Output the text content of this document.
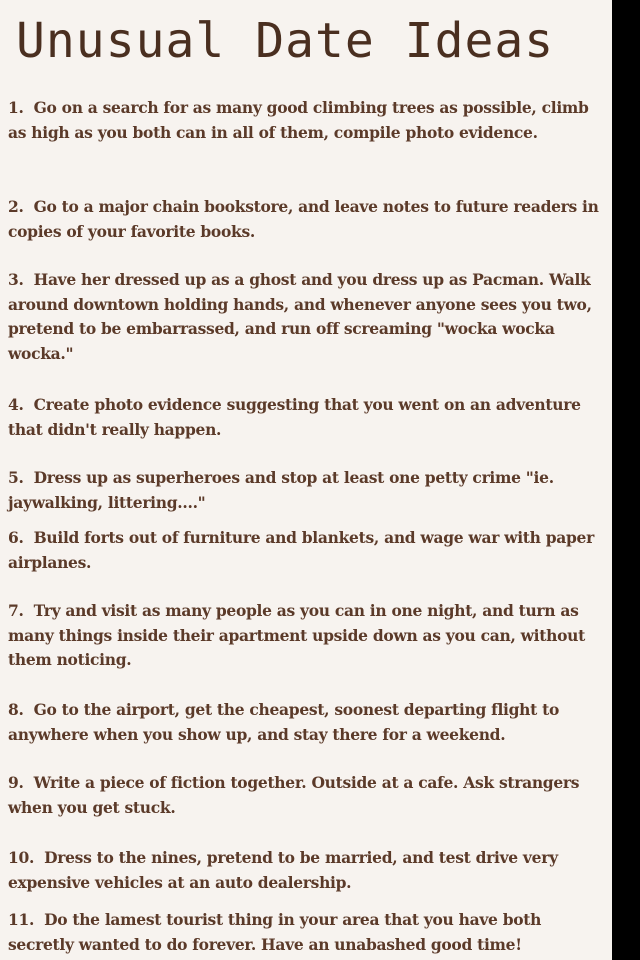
Unusual Date Ideas

1. Go on a search for as many good climbing trees as possible, climb as high as you both can in all of them, compile photo evidence.

2. Go to a major chain bookstore, and leave notes to future readers in copies of your favorite books.

3. Have her dressed up as a ghost and you dress up as Pacman. Walk around downtown holding hands, and whenever anyone sees you two, pretend to be embarrassed, and run off screaming "wocka wocka wocka."

4. Create photo evidence suggesting that you went on an adventure that didn't really happen.

5. Dress up as superheroes and stop at least one petty crime "ie. jaywalking, littering...."

6. Build forts out of furniture and blankets, and wage war with paper airplanes.

7. Try and visit as many people as you can in one night, and turn as many things inside their apartment upside down as you can, without them noticing.

8. Go to the airport, get the cheapest, soonest departing flight to anywhere when you show up, and stay there for a weekend.

9. Write a piece of fiction together. Outside at a cafe. Ask strangers when you get stuck.

10. Dress to the nines, pretend to be married, and test drive very expensive vehicles at an auto dealership.

11. Do the lamest tourist thing in your area that you have both secretly wanted to do forever. Have an unabashed good time!
